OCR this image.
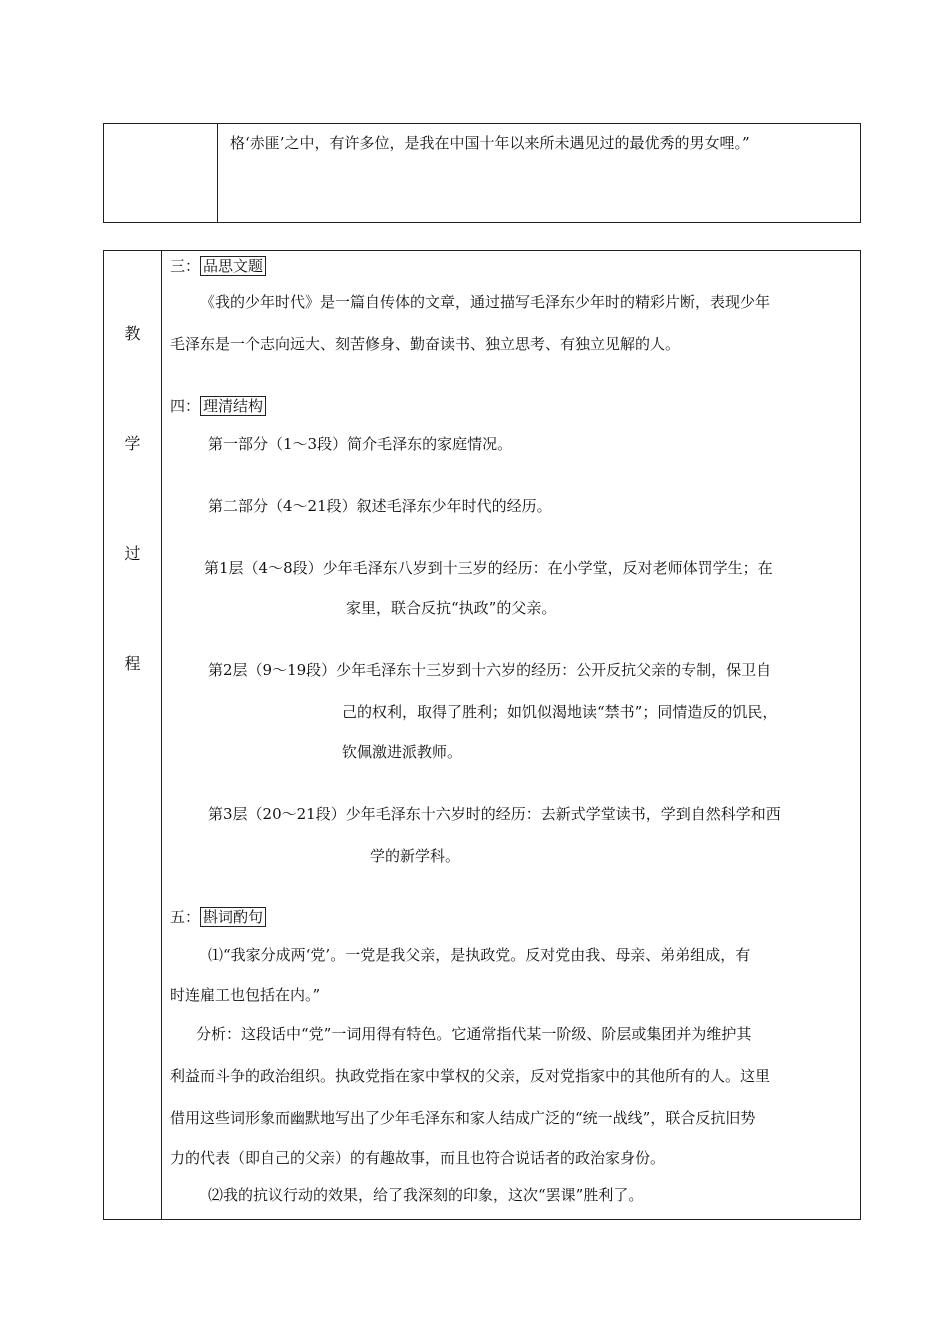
格‘赤匪’之中，有许多位，是我在中国十年以来所未遇见过的最优秀的男女哩。”
教
学
过
程
三： 品思文题
《我的少年时代》是一篇自传体的文章，通过描写毛泽东少年时的精彩片断，表现少年
毛泽东是一个志向远大、刻苦修身、勤奋读书、独立思考、有独立见解的人。
四： 理清结构
第一部分（1～3段）简介毛泽东的家庭情况。
第二部分（4～21段）叙述毛泽东少年时代的经历。
第1层（4～8段）少年毛泽东八岁到十三岁的经历：在小学堂，反对老师体罚学生；在
家里，联合反抗“执政”的父亲。
第2层（9～19段）少年毛泽东十三岁到十六岁的经历：公开反抗父亲的专制，保卫自
己的权利，取得了胜利；如饥似渴地读“禁书”；同情造反的饥民，
钦佩激进派教师。
第3层（20～21段）少年毛泽东十六岁时的经历：去新式学堂读书，学到自然科学和西
学的新学科。
五： 斟词酌句
⑴“我家分成两‘党’。一党是我父亲，是执政党。反对党由我、母亲、弟弟组成，有
时连雇工也包括在内。”
分析：这段话中“党”一词用得有特色。它通常指代某一阶级、阶层或集团并为维护其
利益而斗争的政治组织。执政党指在家中掌权的父亲，反对党指家中的其他所有的人。这里
借用这些词形象而幽默地写出了少年毛泽东和家人结成广泛的“统一战线”，联合反抗旧势
力的代表（即自己的父亲）的有趣故事，而且也符合说话者的政治家身份。
⑵我的抗议行动的效果，给了我深刻的印象，这次“罢课”胜利了。
